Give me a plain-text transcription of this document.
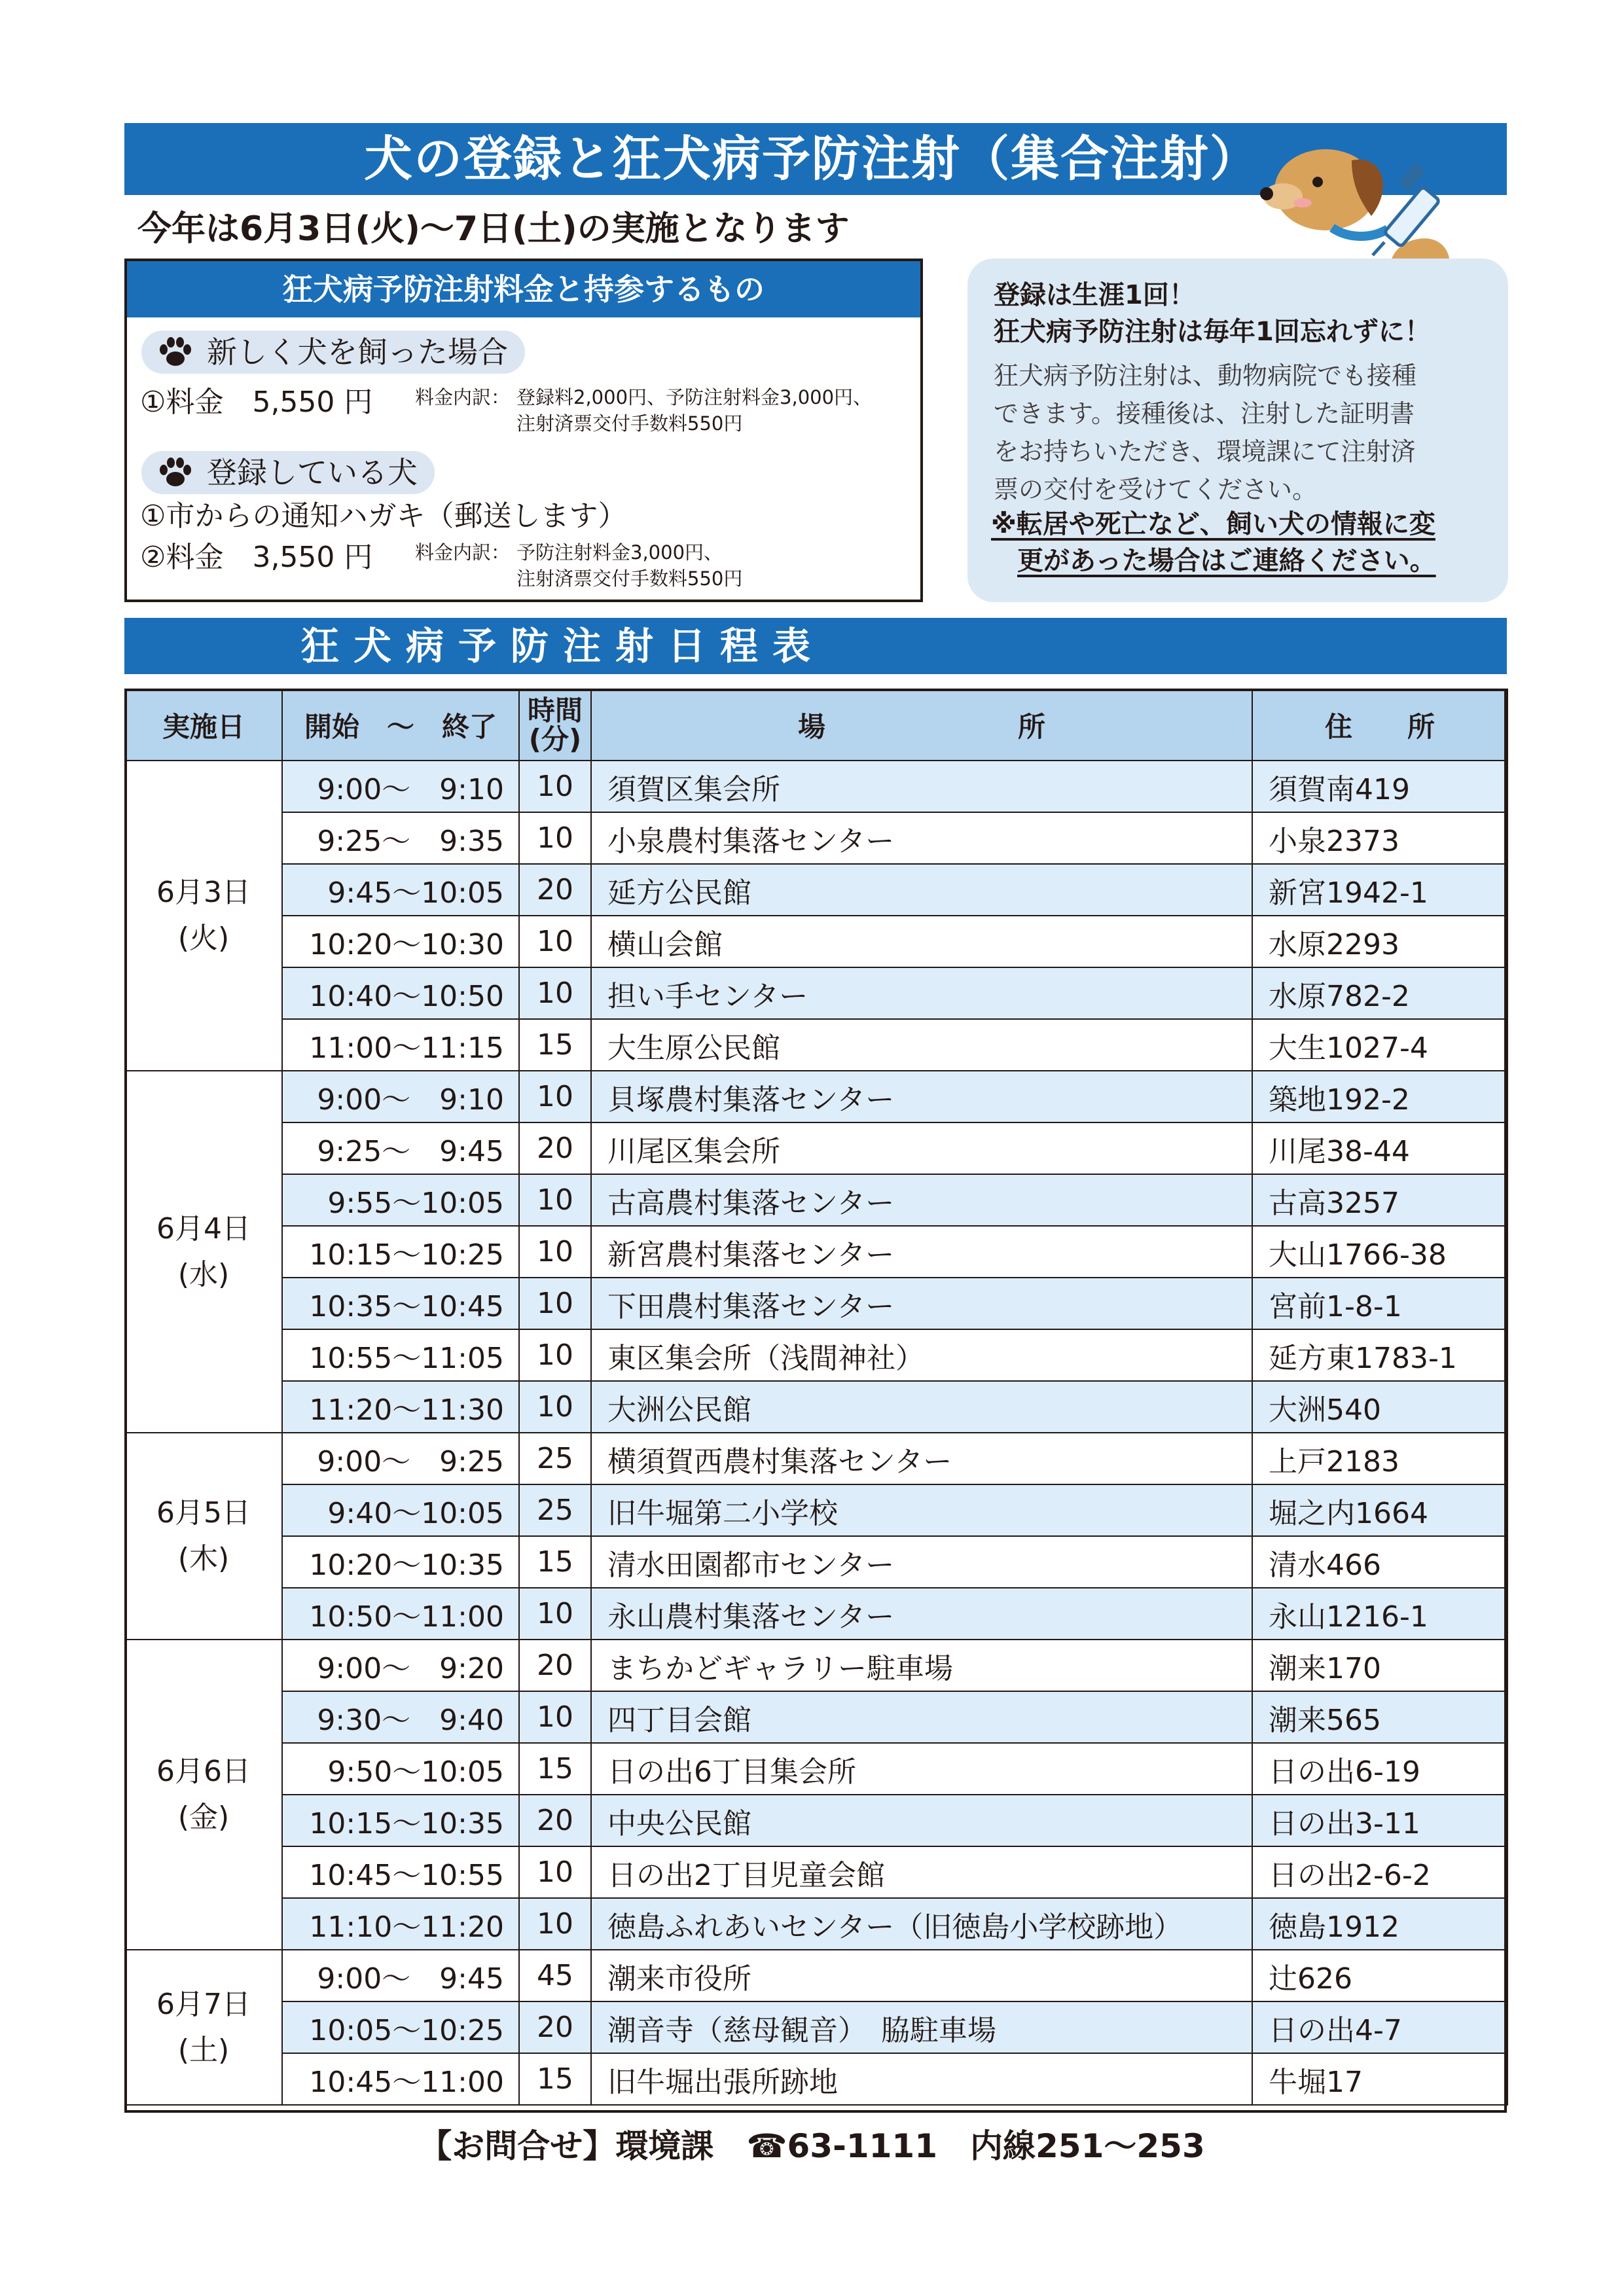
犬の登録と狂犬病予防注射（集合注射）
今年は6月3日(火)～7日(土)の実施となります
狂犬病予防注射料金と持参するもの
新しく犬を飼った場合
①料金　5,550 円 料金内訳： 登録料2,000円、予防注射料金3,000円、
注射済票交付手数料550円
登録している犬
①市からの通知ハガキ（郵送します）
②料金　3,550 円 料金内訳： 予防注射料金3,000円、
注射済票交付手数料550円
登録は生涯1回！
狂犬病予防注射は毎年1回忘れずに！
狂犬病予防注射は、動物病院でも接種
できます。接種後は、注射した証明書
をお持ちいただき、環境課にて注射済
票の交付を受けてください。
※転居や死亡など、飼い犬の情報に変
更があった場合はご連絡ください。
狂犬病予防注射日程表
実施日	開始　～　終了	時間
(分)	場　　　　　　　所	住　　所
6月3日
(火)	9:00～　9:10	10	須賀区集会所	須賀南419
	9:25～　9:35	10	小泉農村集落センター	小泉2373
	9:45～10:05	20	延方公民館	新宮1942-1
	10:20～10:30	10	横山会館	水原2293
	10:40～10:50	10	担い手センター	水原782-2
	11:00～11:15	15	大生原公民館	大生1027-4
6月4日
(水)	9:00～　9:10	10	貝塚農村集落センター	築地192-2
	9:25～　9:45	20	川尾区集会所	川尾38-44
	9:55～10:05	10	古高農村集落センター	古高3257
	10:15～10:25	10	新宮農村集落センター	大山1766-38
	10:35～10:45	10	下田農村集落センター	宮前1-8-1
	10:55～11:05	10	東区集会所（浅間神社）	延方東1783-1
	11:20～11:30	10	大洲公民館	大洲540
6月5日
(木)	9:00～　9:25	25	横須賀西農村集落センター	上戸2183
	9:40～10:05	25	旧牛堀第二小学校	堀之内1664
	10:20～10:35	15	清水田園都市センター	清水466
	10:50～11:00	10	永山農村集落センター	永山1216-1
6月6日
(金)	9:00～　9:20	20	まちかどギャラリー駐車場	潮来170
	9:30～　9:40	10	四丁目会館	潮来565
	9:50～10:05	15	日の出6丁目集会所	日の出6-19
	10:15～10:35	20	中央公民館	日の出3-11
	10:45～10:55	10	日の出2丁目児童会館	日の出2-6-2
	11:10～11:20	10	徳島ふれあいセンター（旧徳島小学校跡地）	徳島1912
6月7日
(土)	9:00～　9:45	45	潮来市役所	辻626
	10:05～10:25	20	潮音寺（慈母観音）　脇駐車場	日の出4-7
	10:45～11:00	15	旧牛堀出張所跡地	牛堀17
【お問合せ】環境課　☎63-1111　内線251～253
